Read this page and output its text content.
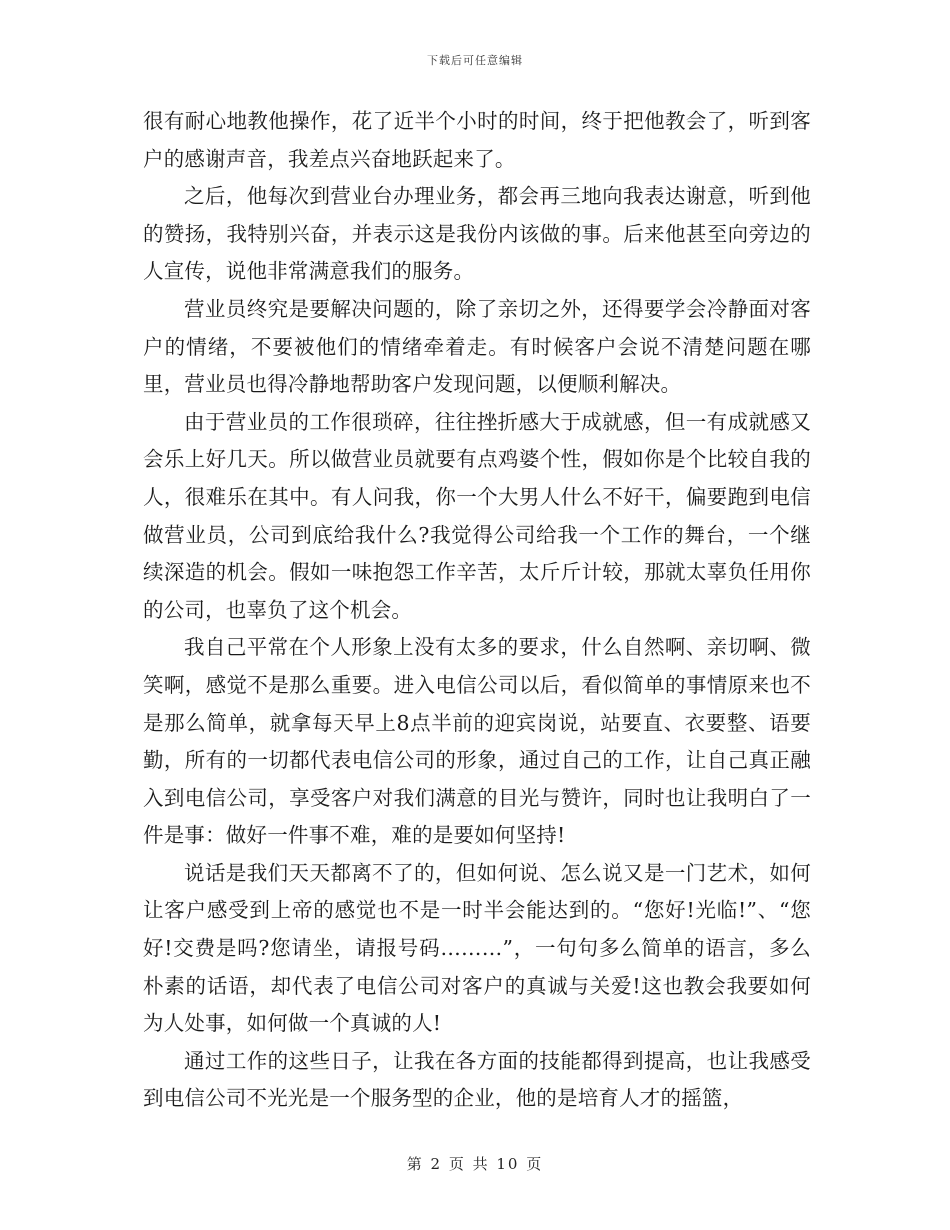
下载后可任意编辑

很有耐心地教他操作，花了近半个小时的时间，终于把他教会了，听到客户的感谢声音，我差点兴奋地跃起来了。

之后，他每次到营业台办理业务，都会再三地向我表达谢意，听到他的赞扬，我特别兴奋，并表示这是我份内该做的事。后来他甚至向旁边的人宣传，说他非常满意我们的服务。

营业员终究是要解决问题的，除了亲切之外，还得要学会冷静面对客户的情绪，不要被他们的情绪牵着走。有时候客户会说不清楚问题在哪里，营业员也得冷静地帮助客户发现问题，以便顺利解决。

由于营业员的工作很琐碎，往往挫折感大于成就感，但一有成就感又会乐上好几天。所以做营业员就要有点鸡婆个性，假如你是个比较自我的人，很难乐在其中。有人问我，你一个大男人什么不好干，偏要跑到电信做营业员，公司到底给我什么?我觉得公司给我一个工作的舞台，一个继续深造的机会。假如一味抱怨工作辛苦，太斤斤计较，那就太辜负任用你的公司，也辜负了这个机会。

我自己平常在个人形象上没有太多的要求，什么自然啊、亲切啊、微笑啊，感觉不是那么重要。进入电信公司以后，看似简单的事情原来也不是那么简单，就拿每天早上8点半前的迎宾岗说，站要直、衣要整、语要勤，所有的一切都代表电信公司的形象，通过自己的工作，让自己真正融入到电信公司，享受客户对我们满意的目光与赞许，同时也让我明白了一件是事：做好一件事不难，难的是要如何坚持!

说话是我们天天都离不了的，但如何说、怎么说又是一门艺术，如何让客户感受到上帝的感觉也不是一时半会能达到的。“您好!光临!”、“您好!交费是吗?您请坐，请报号码………”，一句句多么简单的语言，多么朴素的话语，却代表了电信公司对客户的真诚与关爱!这也教会我要如何为人处事，如何做一个真诚的人!

通过工作的这些日子，让我在各方面的技能都得到提高，也让我感受到电信公司不光光是一个服务型的企业，他的是培育人才的摇篮，

第 2 页 共 10 页
